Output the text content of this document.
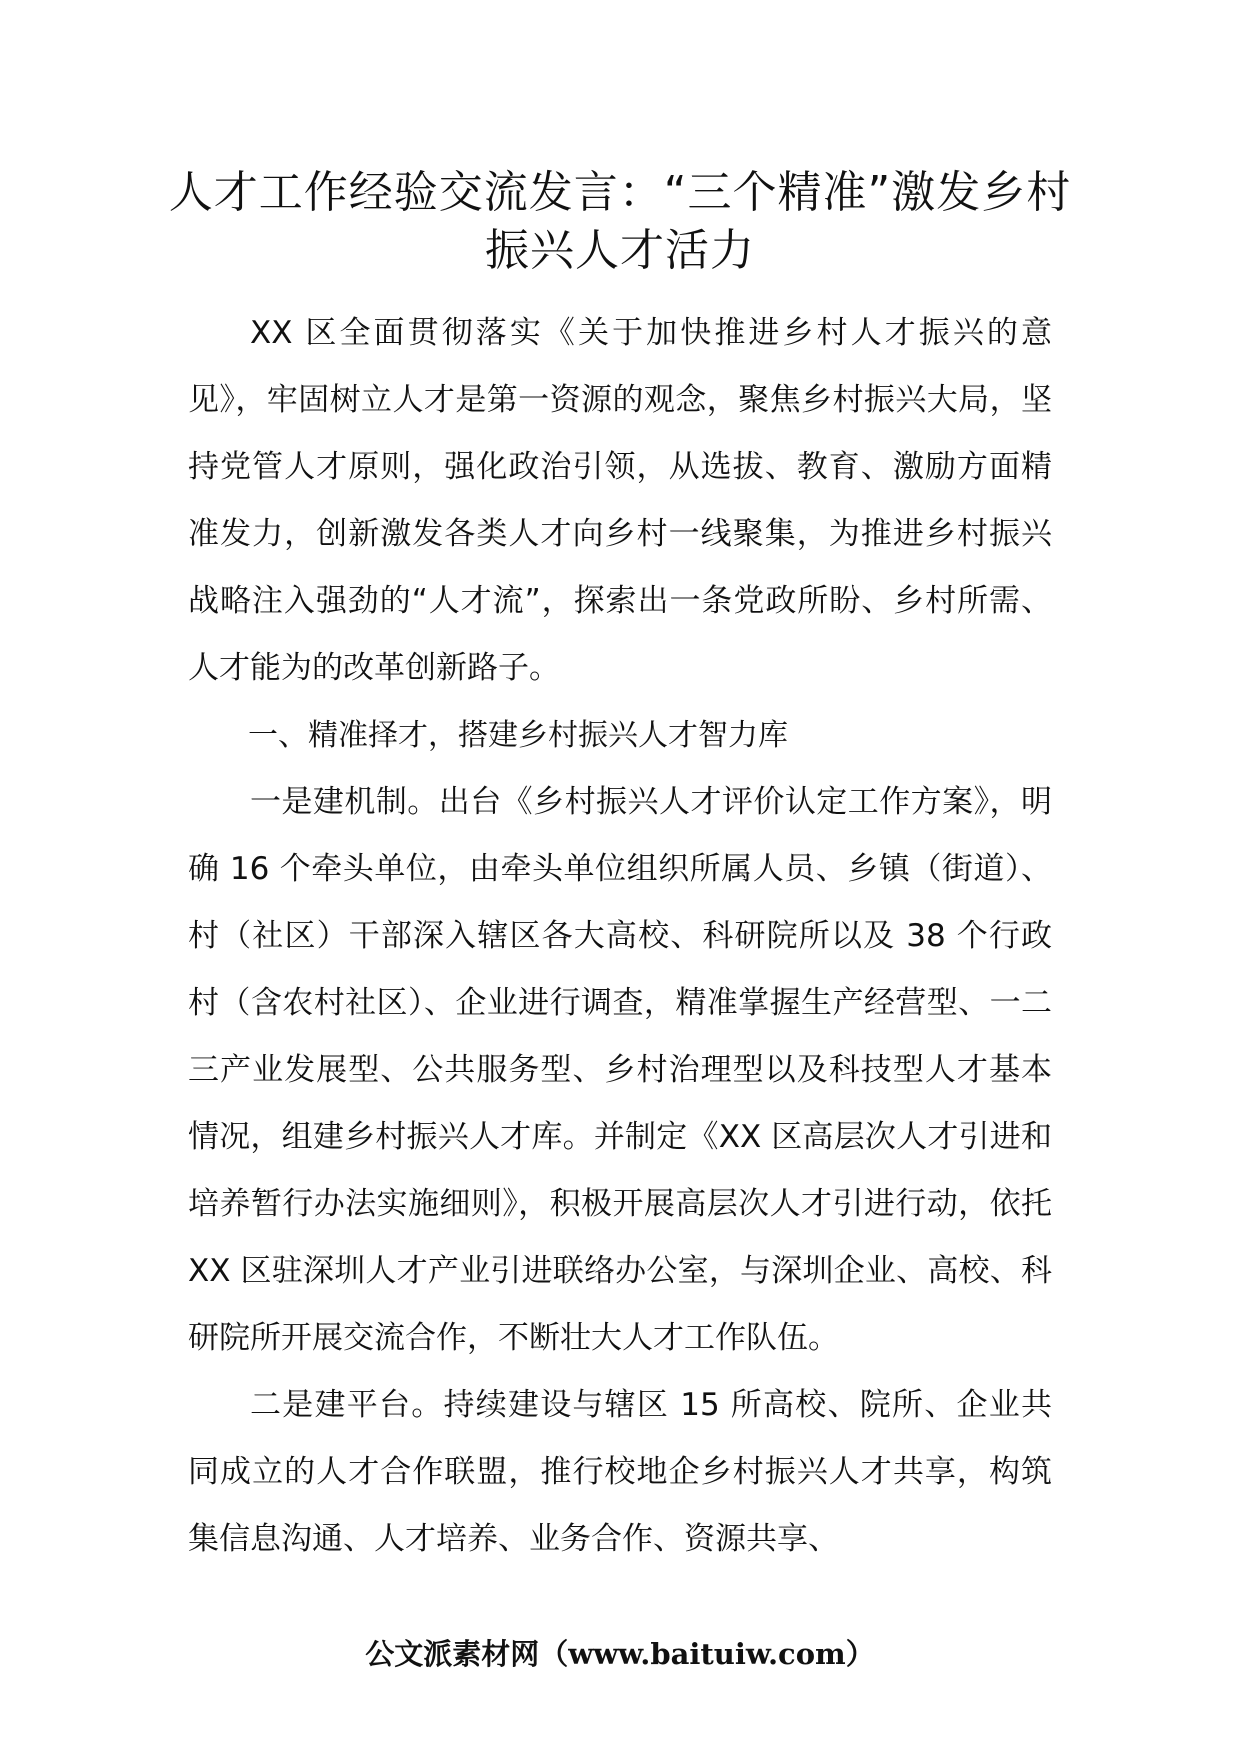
人才工作经验交流发言：“三个精准”激发乡村振兴人才活力

XX 区全面贯彻落实《关于加快推进乡村人才振兴的意见》，牢固树立人才是第一资源的观念，聚焦乡村振兴大局，坚持党管人才原则，强化政治引领，从选拔、教育、激励方面精准发力，创新激发各类人才向乡村一线聚集，为推进乡村振兴战略注入强劲的“人才流”，探索出一条党政所盼、乡村所需、人才能为的改革创新路子。

一、精准择才，搭建乡村振兴人才智力库

一是建机制。出台《乡村振兴人才评价认定工作方案》，明确 16 个牵头单位，由牵头单位组织所属人员、乡镇（街道）、村（社区）干部深入辖区各大高校、科研院所以及 38 个行政村（含农村社区）、企业进行调查，精准掌握生产经营型、一二三产业发展型、公共服务型、乡村治理型以及科技型人才基本情况，组建乡村振兴人才库。并制定《XX 区高层次人才引进和培养暂行办法实施细则》，积极开展高层次人才引进行动，依托 XX 区驻深圳人才产业引进联络办公室，与深圳企业、高校、科研院所开展交流合作，不断壮大人才工作队伍。

二是建平台。持续建设与辖区 15 所高校、院所、企业共同成立的人才合作联盟，推行校地企乡村振兴人才共享，构筑集信息沟通、人才培养、业务合作、资源共享、

公文派素材网（www.baituiw.com）
